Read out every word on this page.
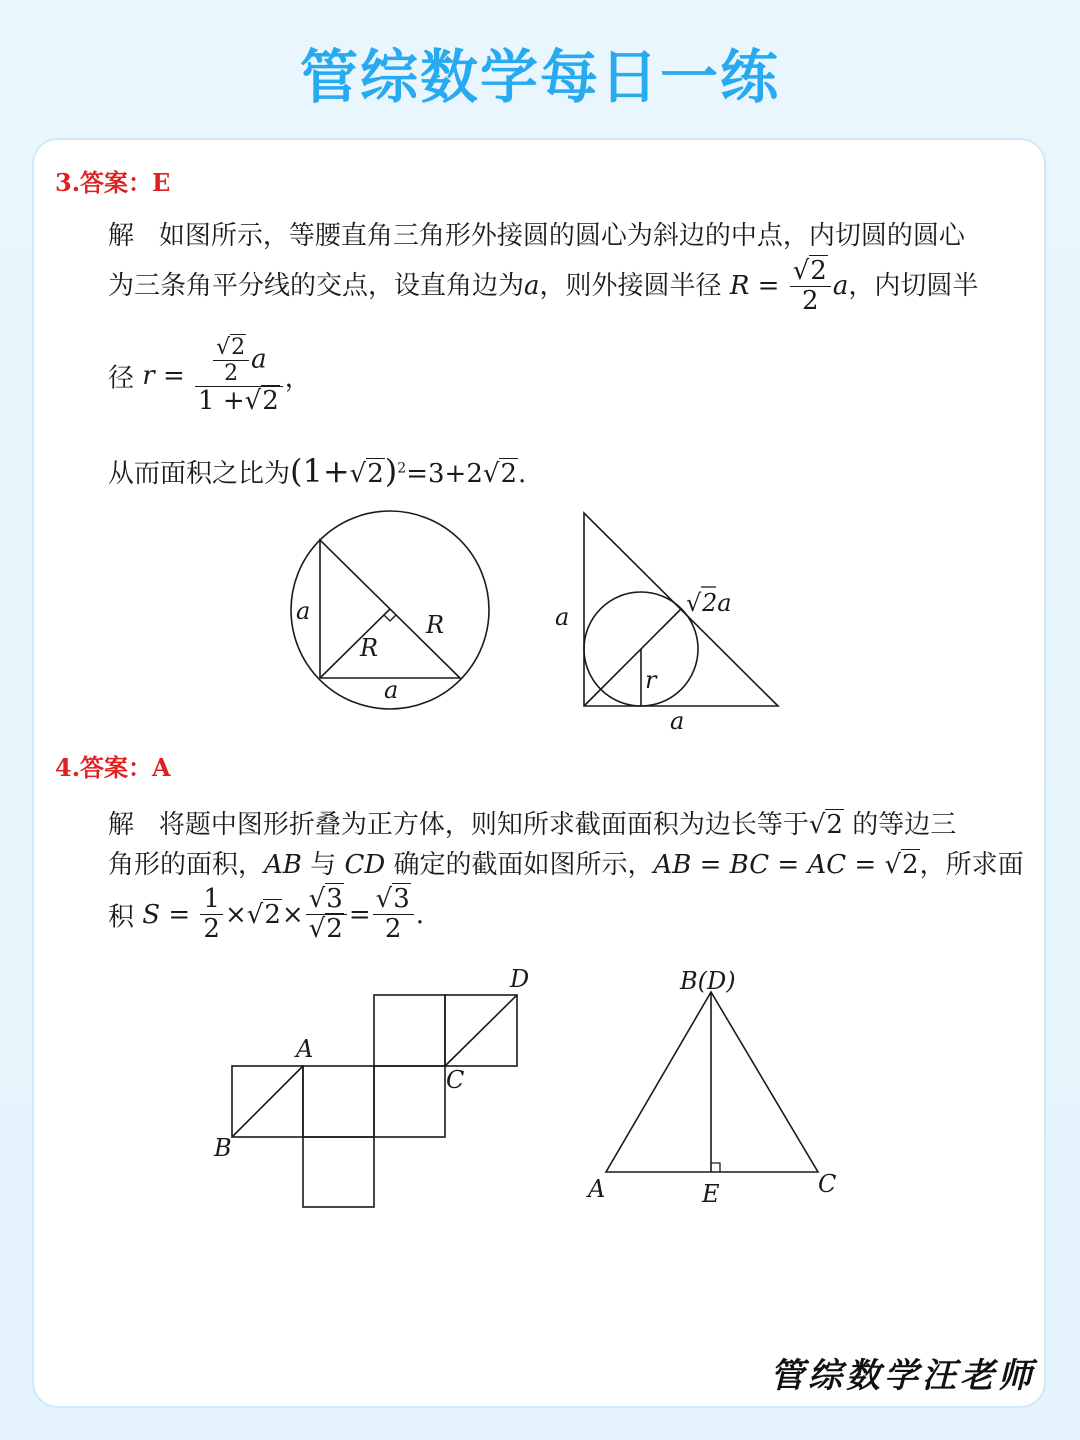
管综数学每日一练
3.答案：E
解 如图所示，等腰直角三角形外接圆的圆心为斜边的中点，内切圆的圆心
为三条角平分线的交点，设直角边为a，则外接圆半径 $R = \frac{√2}{2}$ a，内切圆半
径 $r = \frac{\frac{√2}{2} a}{1 +√2}$ ，
从而面积之比为$(1+√2)^2=3+2√2$.
a	R
R
a
a	√ 2a
r
a
4.答案：A
解 将题中图形折叠为正方体，则知所求截面面积为边长等于√2 的等边三
角形的面积，AB 与 CD 确定的截面如图所示，AB = BC = AC = √2，所求面
积 $S = \frac{1}{2} \times√2\times \frac{√3}{√2} = \frac{√3}{2}$ .
A
B
C
D	B(D)
A	E	C
管综数学汪老师
